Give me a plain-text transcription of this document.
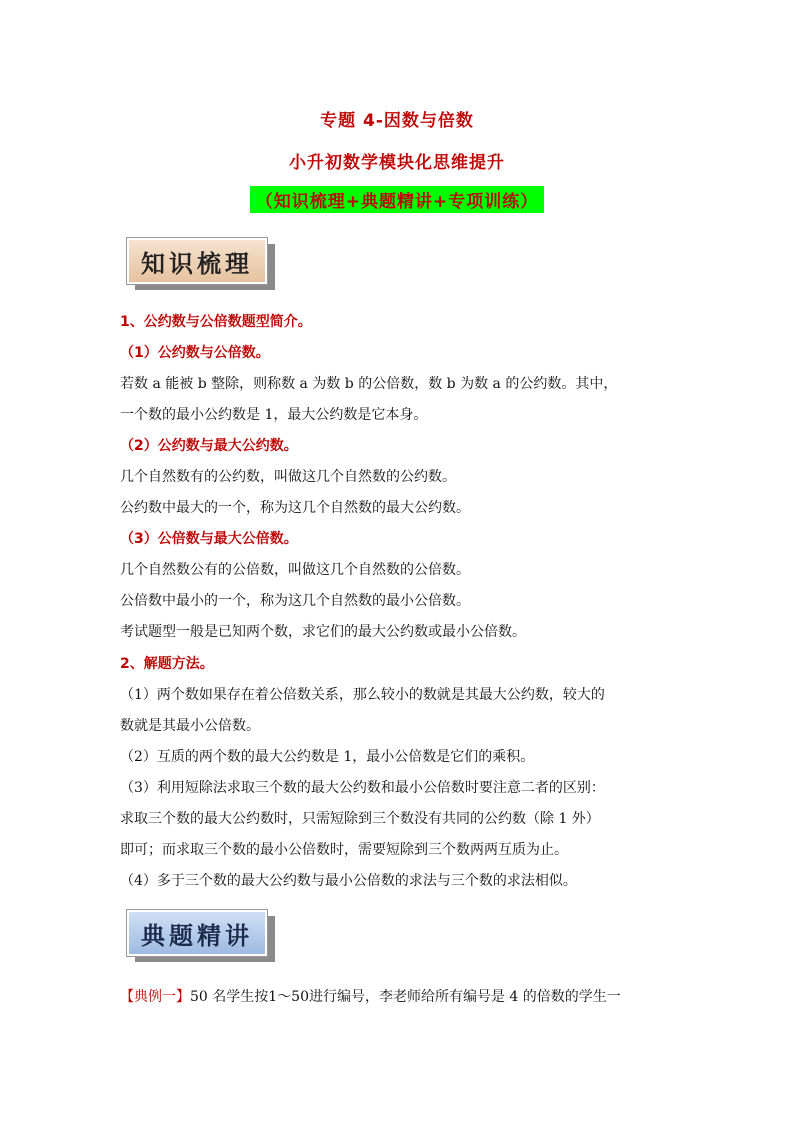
专题 4-因数与倍数
小升初数学模块化思维提升
（知识梳理+典题精讲+专项训练）
知识梳理
1、公约数与公倍数题型简介。
（1）公约数与公倍数。
若数 a 能被 b 整除，则称数 a 为数 b 的公倍数，数 b 为数 a 的公约数。其中，
一个数的最小公约数是 1，最大公约数是它本身。
（2）公约数与最大公约数。
几个自然数有的公约数，叫做这几个自然数的公约数。
公约数中最大的一个，称为这几个自然数的最大公约数。
（3）公倍数与最大公倍数。
几个自然数公有的公倍数，叫做这几个自然数的公倍数。
公倍数中最小的一个，称为这几个自然数的最小公倍数。
考试题型一般是已知两个数，求它们的最大公约数或最小公倍数。
2、解题方法。
（1）两个数如果存在着公倍数关系，那么较小的数就是其最大公约数，较大的
数就是其最小公倍数。
（2）互质的两个数的最大公约数是 1，最小公倍数是它们的乘积。
（3）利用短除法求取三个数的最大公约数和最小公倍数时要注意二者的区别：
求取三个数的最大公约数时，只需短除到三个数没有共同的公约数（除 1 外）
即可；而求取三个数的最小公倍数时，需要短除到三个数两两互质为止。
（4）多于三个数的最大公约数与最小公倍数的求法与三个数的求法相似。
典题精讲
【典例一】50 名学生按1～50进行编号，李老师给所有编号是 4 的倍数的学生一
